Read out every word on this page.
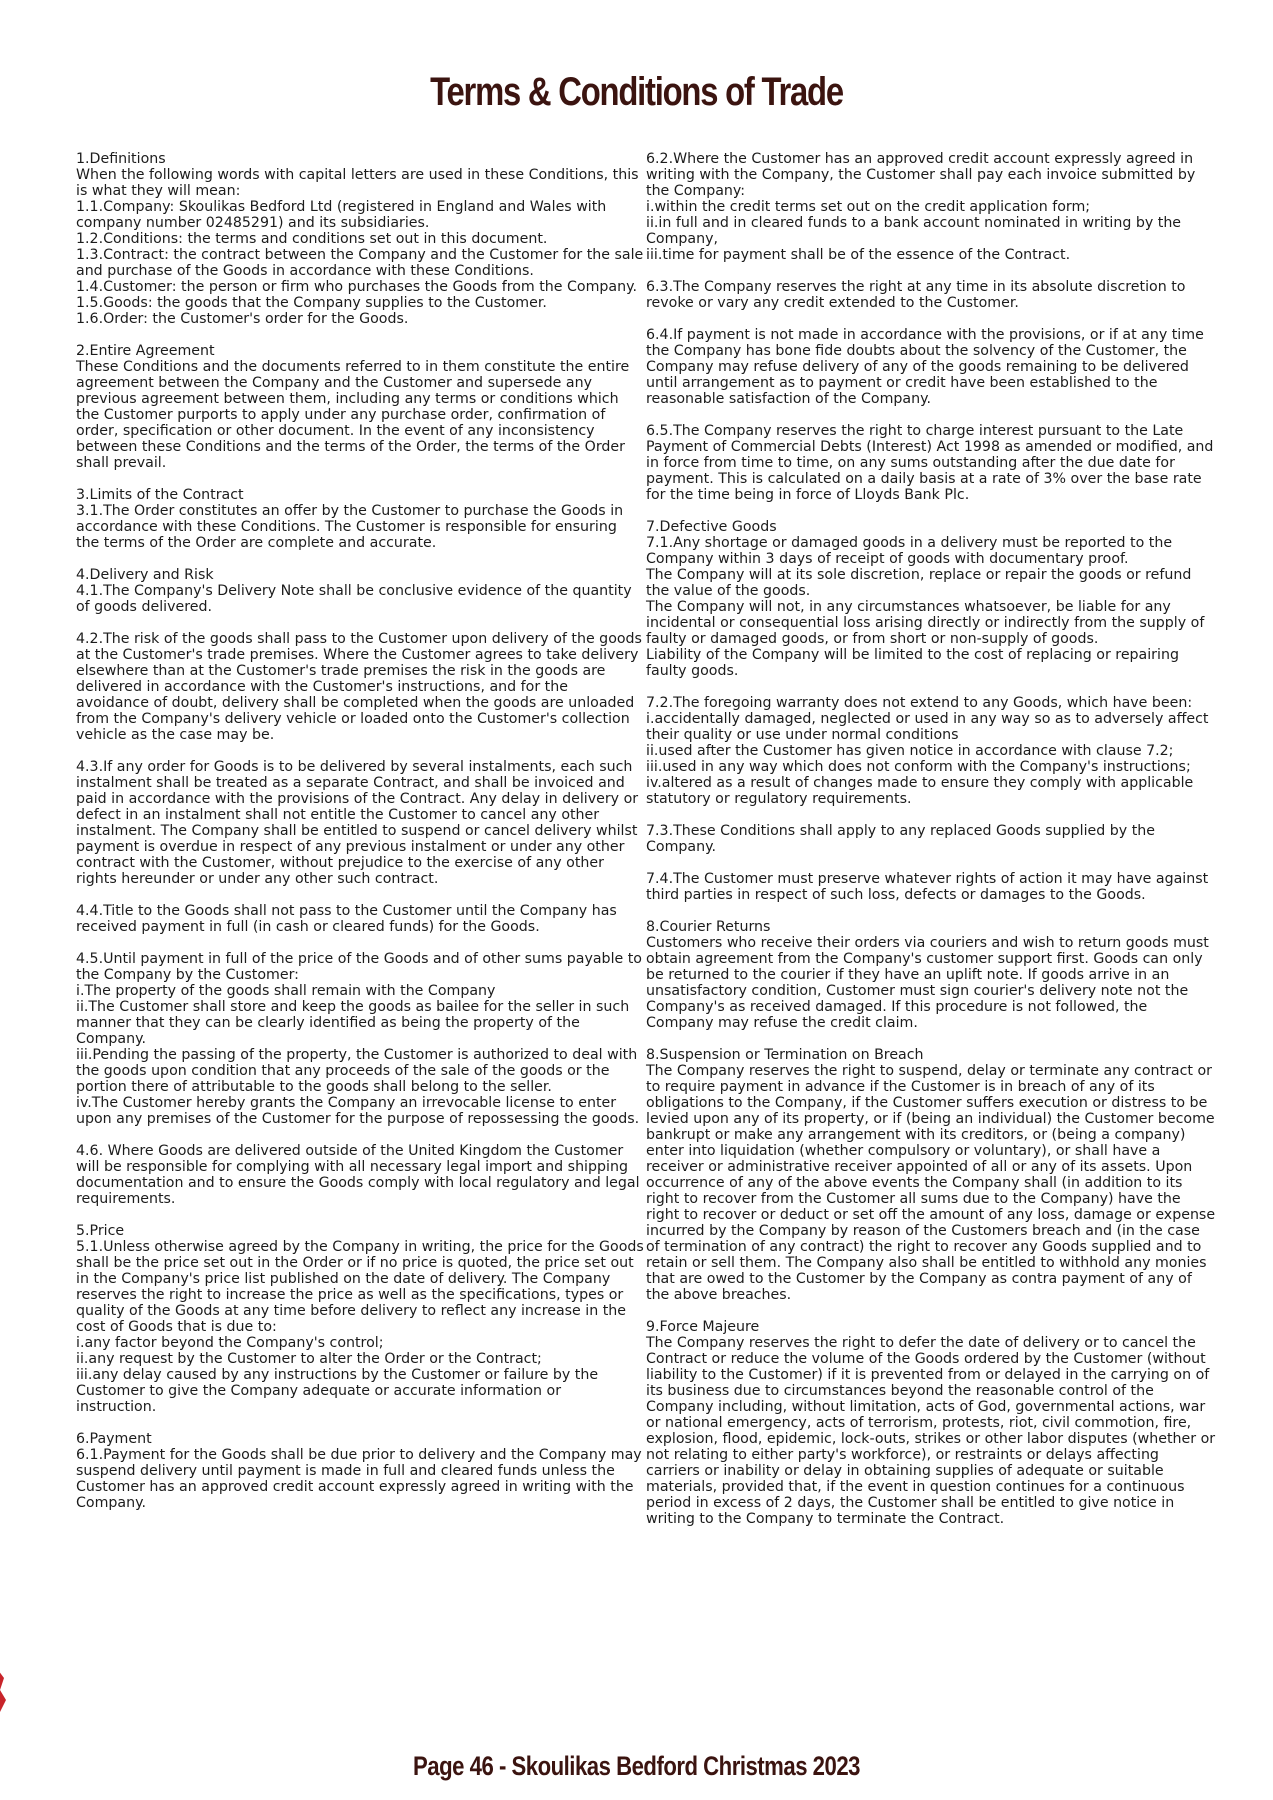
Terms & Conditions of Trade

1.Definitions
When the following words with capital letters are used in these Conditions, this is what they will mean:
1.1.Company: Skoulikas Bedford Ltd (registered in England and Wales with company number 02485291) and its subsidiaries.
1.2.Conditions: the terms and conditions set out in this document.
1.3.Contract: the contract between the Company and the Customer for the sale and purchase of the Goods in accordance with these Conditions.
1.4.Customer: the person or firm who purchases the Goods from the Company.
1.5.Goods: the goods that the Company supplies to the Customer.
1.6.Order: the Customer's order for the Goods.

2.Entire Agreement
These Conditions and the documents referred to in them constitute the entire agreement between the Company and the Customer and supersede any previous agreement between them, including any terms or conditions which the Customer purports to apply under any purchase order, confirmation of order, specification or other document. In the event of any inconsistency between these Conditions and the terms of the Order, the terms of the Order shall prevail.

3.Limits of the Contract
3.1.The Order constitutes an offer by the Customer to purchase the Goods in accordance with these Conditions. The Customer is responsible for ensuring the terms of the Order are complete and accurate.

4.Delivery and Risk
4.1.The Company's Delivery Note shall be conclusive evidence of the quantity of goods delivered.

4.2.The risk of the goods shall pass to the Customer upon delivery of the goods at the Customer's trade premises. Where the Customer agrees to take delivery elsewhere than at the Customer's trade premises the risk in the goods are delivered in accordance with the Customer's instructions, and for the avoidance of doubt, delivery shall be completed when the goods are unloaded from the Company's delivery vehicle or loaded onto the Customer's collection vehicle as the case may be.

4.3.If any order for Goods is to be delivered by several instalments, each such instalment shall be treated as a separate Contract, and shall be invoiced and paid in accordance with the provisions of the Contract. Any delay in delivery or defect in an instalment shall not entitle the Customer to cancel any other instalment. The Company shall be entitled to suspend or cancel delivery whilst payment is overdue in respect of any previous instalment or under any other contract with the Customer, without prejudice to the exercise of any other rights hereunder or under any other such contract.

4.4.Title to the Goods shall not pass to the Customer until the Company has received payment in full (in cash or cleared funds) for the Goods.

4.5.Until payment in full of the price of the Goods and of other sums payable to the Company by the Customer:
i.The property of the goods shall remain with the Company
ii.The Customer shall store and keep the goods as bailee for the seller in such manner that they can be clearly identified as being the property of the Company.
iii.Pending the passing of the property, the Customer is authorized to deal with the goods upon condition that any proceeds of the sale of the goods or the portion there of attributable to the goods shall belong to the seller.
iv.The Customer hereby grants the Company an irrevocable license to enter upon any premises of the Customer for the purpose of repossessing the goods.

4.6. Where Goods are delivered outside of the United Kingdom the Customer will be responsible for complying with all necessary legal import and shipping documentation and to ensure the Goods comply with local regulatory and legal requirements.

5.Price
5.1.Unless otherwise agreed by the Company in writing, the price for the Goods shall be the price set out in the Order or if no price is quoted, the price set out in the Company's price list published on the date of delivery. The Company reserves the right to increase the price as well as the specifications, types or quality of the Goods at any time before delivery to reflect any increase in the cost of Goods that is due to:
i.any factor beyond the Company's control;
ii.any request by the Customer to alter the Order or the Contract;
iii.any delay caused by any instructions by the Customer or failure by the Customer to give the Company adequate or accurate information or instruction.

6.Payment
6.1.Payment for the Goods shall be due prior to delivery and the Company may suspend delivery until payment is made in full and cleared funds unless the Customer has an approved credit account expressly agreed in writing with the Company.

6.2.Where the Customer has an approved credit account expressly agreed in writing with the Company, the Customer shall pay each invoice submitted by the Company:
i.within the credit terms set out on the credit application form;
ii.in full and in cleared funds to a bank account nominated in writing by the Company,
iii.time for payment shall be of the essence of the Contract.

6.3.The Company reserves the right at any time in its absolute discretion to revoke or vary any credit extended to the Customer.

6.4.If payment is not made in accordance with the provisions, or if at any time the Company has bone fide doubts about the solvency of the Customer, the Company may refuse delivery of any of the goods remaining to be delivered until arrangement as to payment or credit have been established to the reasonable satisfaction of the Company.

6.5.The Company reserves the right to charge interest pursuant to the Late Payment of Commercial Debts (Interest) Act 1998 as amended or modified, and in force from time to time, on any sums outstanding after the due date for payment. This is calculated on a daily basis at a rate of 3% over the base rate for the time being in force of Lloyds Bank Plc.

7.Defective Goods
7.1.Any shortage or damaged goods in a delivery must be reported to the Company within 3 days of receipt of goods with documentary proof.
The Company will at its sole discretion, replace or repair the goods or refund the value of the goods.
The Company will not, in any circumstances whatsoever, be liable for any incidental or consequential loss arising directly or indirectly from the supply of faulty or damaged goods, or from short or non-supply of goods.
Liability of the Company will be limited to the cost of replacing or repairing faulty goods.

7.2.The foregoing warranty does not extend to any Goods, which have been:
i.accidentally damaged, neglected or used in any way so as to adversely affect their quality or use under normal conditions
ii.used after the Customer has given notice in accordance with clause 7.2;
iii.used in any way which does not conform with the Company's instructions;
iv.altered as a result of changes made to ensure they comply with applicable statutory or regulatory requirements.

7.3.These Conditions shall apply to any replaced Goods supplied by the Company.

7.4.The Customer must preserve whatever rights of action it may have against third parties in respect of such loss, defects or damages to the Goods.

8.Courier Returns
Customers who receive their orders via couriers and wish to return goods must obtain agreement from the Company's customer support first. Goods can only be returned to the courier if they have an uplift note. If goods arrive in an unsatisfactory condition, Customer must sign courier's delivery note not the Company's as received damaged. If this procedure is not followed, the Company may refuse the credit claim.

8.Suspension or Termination on Breach
The Company reserves the right to suspend, delay or terminate any contract or to require payment in advance if the Customer is in breach of any of its obligations to the Company, if the Customer suffers execution or distress to be levied upon any of its property, or if (being an individual) the Customer become bankrupt or make any arrangement with its creditors, or (being a company) enter into liquidation (whether compulsory or voluntary), or shall have a receiver or administrative receiver appointed of all or any of its assets. Upon occurrence of any of the above events the Company shall (in addition to its right to recover from the Customer all sums due to the Company) have the right to recover or deduct or set off the amount of any loss, damage or expense incurred by the Company by reason of the Customers breach and (in the case of termination of any contract) the right to recover any Goods supplied and to retain or sell them. The Company also shall be entitled to withhold any monies that are owed to the Customer by the Company as contra payment of any of the above breaches.

9.Force Majeure
The Company reserves the right to defer the date of delivery or to cancel the Contract or reduce the volume of the Goods ordered by the Customer (without liability to the Customer) if it is prevented from or delayed in the carrying on of its business due to circumstances beyond the reasonable control of the Company including, without limitation, acts of God, governmental actions, war or national emergency, acts of terrorism, protests, riot, civil commotion, fire, explosion, flood, epidemic, lock-outs, strikes or other labor disputes (whether or not relating to either party's workforce), or restraints or delays affecting carriers or inability or delay in obtaining supplies of adequate or suitable materials, provided that, if the event in question continues for a continuous period in excess of 2 days, the Customer shall be entitled to give notice in writing to the Company to terminate the Contract.

Page 46 - Skoulikas Bedford Christmas 2023
